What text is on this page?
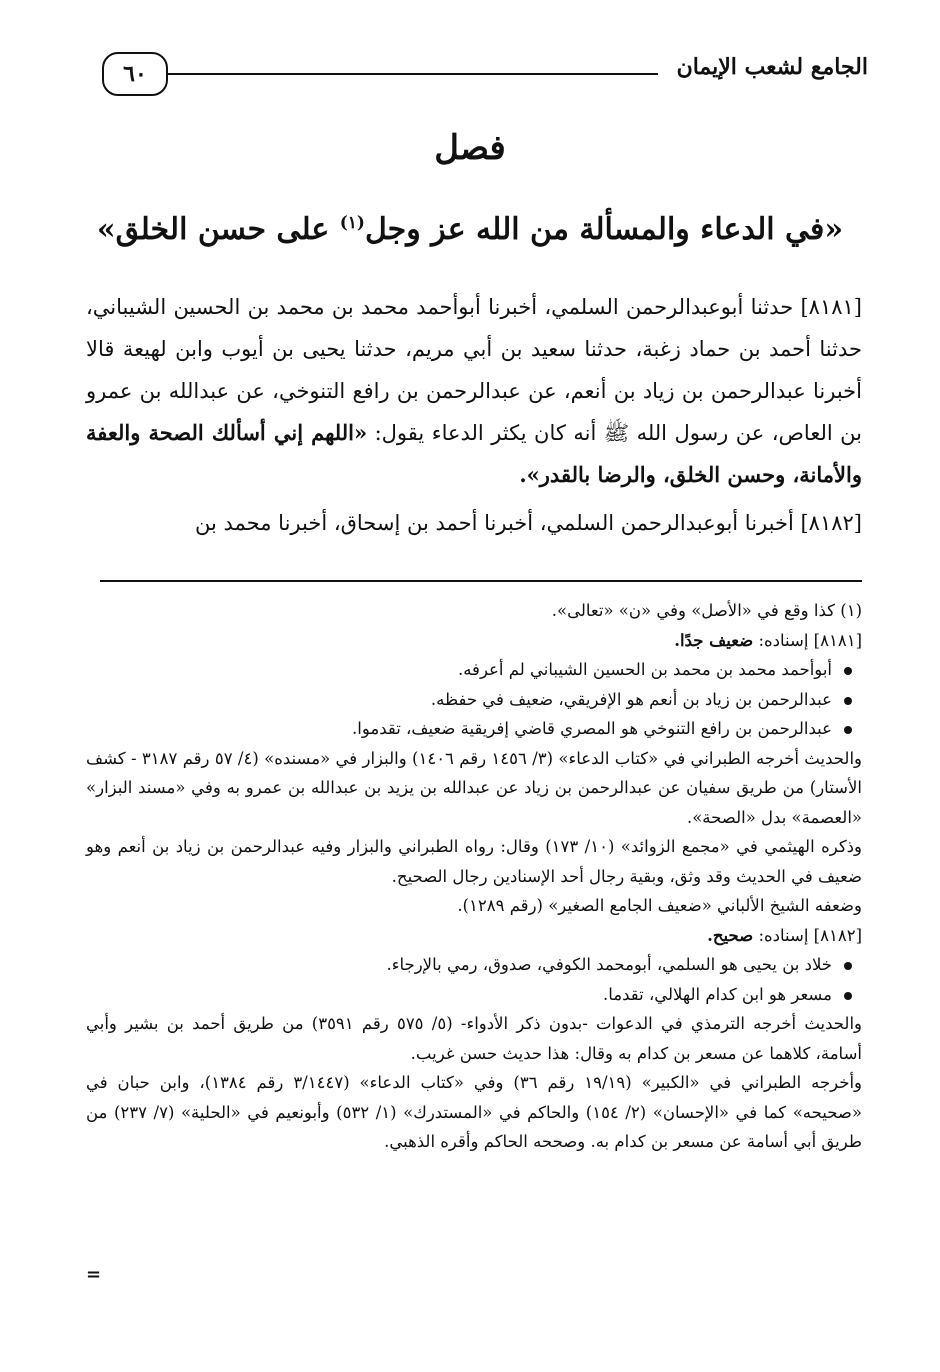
٦٠	الجامع لشعب الإيمان
فصل
«في الدعاء والمسألة من الله عز وجل$^{(١)}$ على حسن الخلق»

[٨١٨١] حدثنا أبوعبدالرحمن السلمي، أخبرنا أبوأحمد محمد بن محمد بن الحسين الشيباني، حدثنا أحمد بن حماد زغبة، حدثنا سعيد بن أبي مريم، حدثنا يحيى بن أيوب وابن لهيعة قالا أخبرنا عبدالرحمن بن زياد بن أنعم، عن عبدالرحمن بن رافع التنوخي، عن عبدالله بن عمرو بن العاص، عن رسول الله ﷺ أنه كان يكثر الدعاء يقول: «اللهم إني أسألك الصحة والعفة والأمانة، وحسن الخلق، والرضا بالقدر».

[٨١٨٢] أخبرنا أبوعبدالرحمن السلمي، أخبرنا أحمد بن إسحاق، أخبرنا محمد بن

(١) كذا وقع في «الأصل» وفي «ن» «تعالى».

[٨١٨١] إسناده: ضعيف جدًا.

أبوأحمد محمد بن محمد بن الحسين الشيباني لم أعرفه.
عبدالرحمن بن زياد بن أنعم هو الإفريقي، ضعيف في حفظه.
عبدالرحمن بن رافع التنوخي هو المصري قاضي إفريقية ضعيف، تقدموا.

والحديث أخرجه الطبراني في «كتاب الدعاء» (٣/ ١٤٥٦ رقم ١٤٠٦) والبزار في «مسنده» (٤/ ٥٧ رقم ٣١٨٧ - كشف الأستار) من طريق سفيان عن عبدالرحمن بن زياد عن عبدالله بن يزيد بن عبدالله بن عمرو به وفي «مسند البزار» «العصمة» بدل «الصحة».

وذكره الهيثمي في «مجمع الزوائد» (١٠/ ١٧٣) وقال: رواه الطبراني والبزار وفيه عبدالرحمن بن زياد بن أنعم وهو ضعيف في الحديث وقد وثق، وبقية رجال أحد الإسنادين رجال الصحيح.

وضعفه الشيخ الألباني «ضعيف الجامع الصغير» (رقم ١٢٨٩).

[٨١٨٢] إسناده: صحيح.

خلاد بن يحيى هو السلمي، أبومحمد الكوفي، صدوق، رمي بالإرجاء.
مسعر هو ابن كدام الهلالي، تقدما.

والحديث أخرجه الترمذي في الدعوات -بدون ذكر الأدواء- (٥/ ٥٧٥ رقم ٣٥٩١) من طريق أحمد بن بشير وأبي أسامة، كلاهما عن مسعر بن كدام به وقال: هذا حديث حسن غريب.

وأخرجه الطبراني في «الكبير» (١٩/١٩ رقم ٣٦) وفي «كتاب الدعاء» (٣/١٤٤٧ رقم ١٣٨٤)، وابن حبان في «صحيحه» كما في «الإحسان» (٢/ ١٥٤) والحاكم في «المستدرك» (١/ ٥٣٢) وأبونعيم في «الحلية» (٧/ ٢٣٧) من طريق أبي أسامة عن مسعر بن كدام به. وصححه الحاكم وأقره الذهبي.

=
